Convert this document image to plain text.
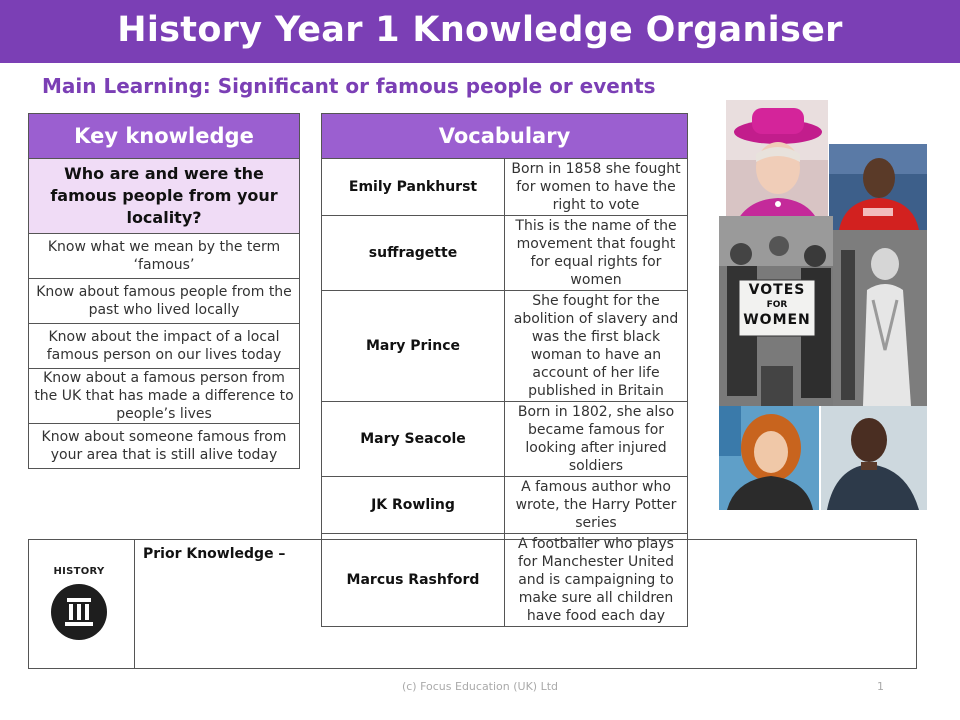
History Year 1 Knowledge Organiser
Main Learning: Significant or famous people or events
Key knowledge
Who are and were the famous people from your locality?
Know what we mean by the term ‘famous’
Know about famous people from the past who lived locally
Know about the impact of a local famous person on our lives today
Know about a famous person from the UK that has made a difference to people’s lives
Know about someone famous from your area that is still alive today
Vocabulary	
Emily Pankhurst	Born in 1858 she fought for women to have the right to vote
suffragette	This is the name of the movement that fought for equal rights for women
Mary Prince	She fought for the abolition of slavery and was the first black woman to have an account of her life published in Britain
Mary Seacole	Born in 1802, she also became famous for looking after injured soldiers
JK Rowling	A famous author who wrote, the Harry Potter series
Marcus Rashford	A footballer who plays for Manchester United and is campaigning to make sure all children have food each day
VOTES
FOR
WOMEN
HISTORY
Prior Knowledge –
(c) Focus Education (UK) Ltd	1
